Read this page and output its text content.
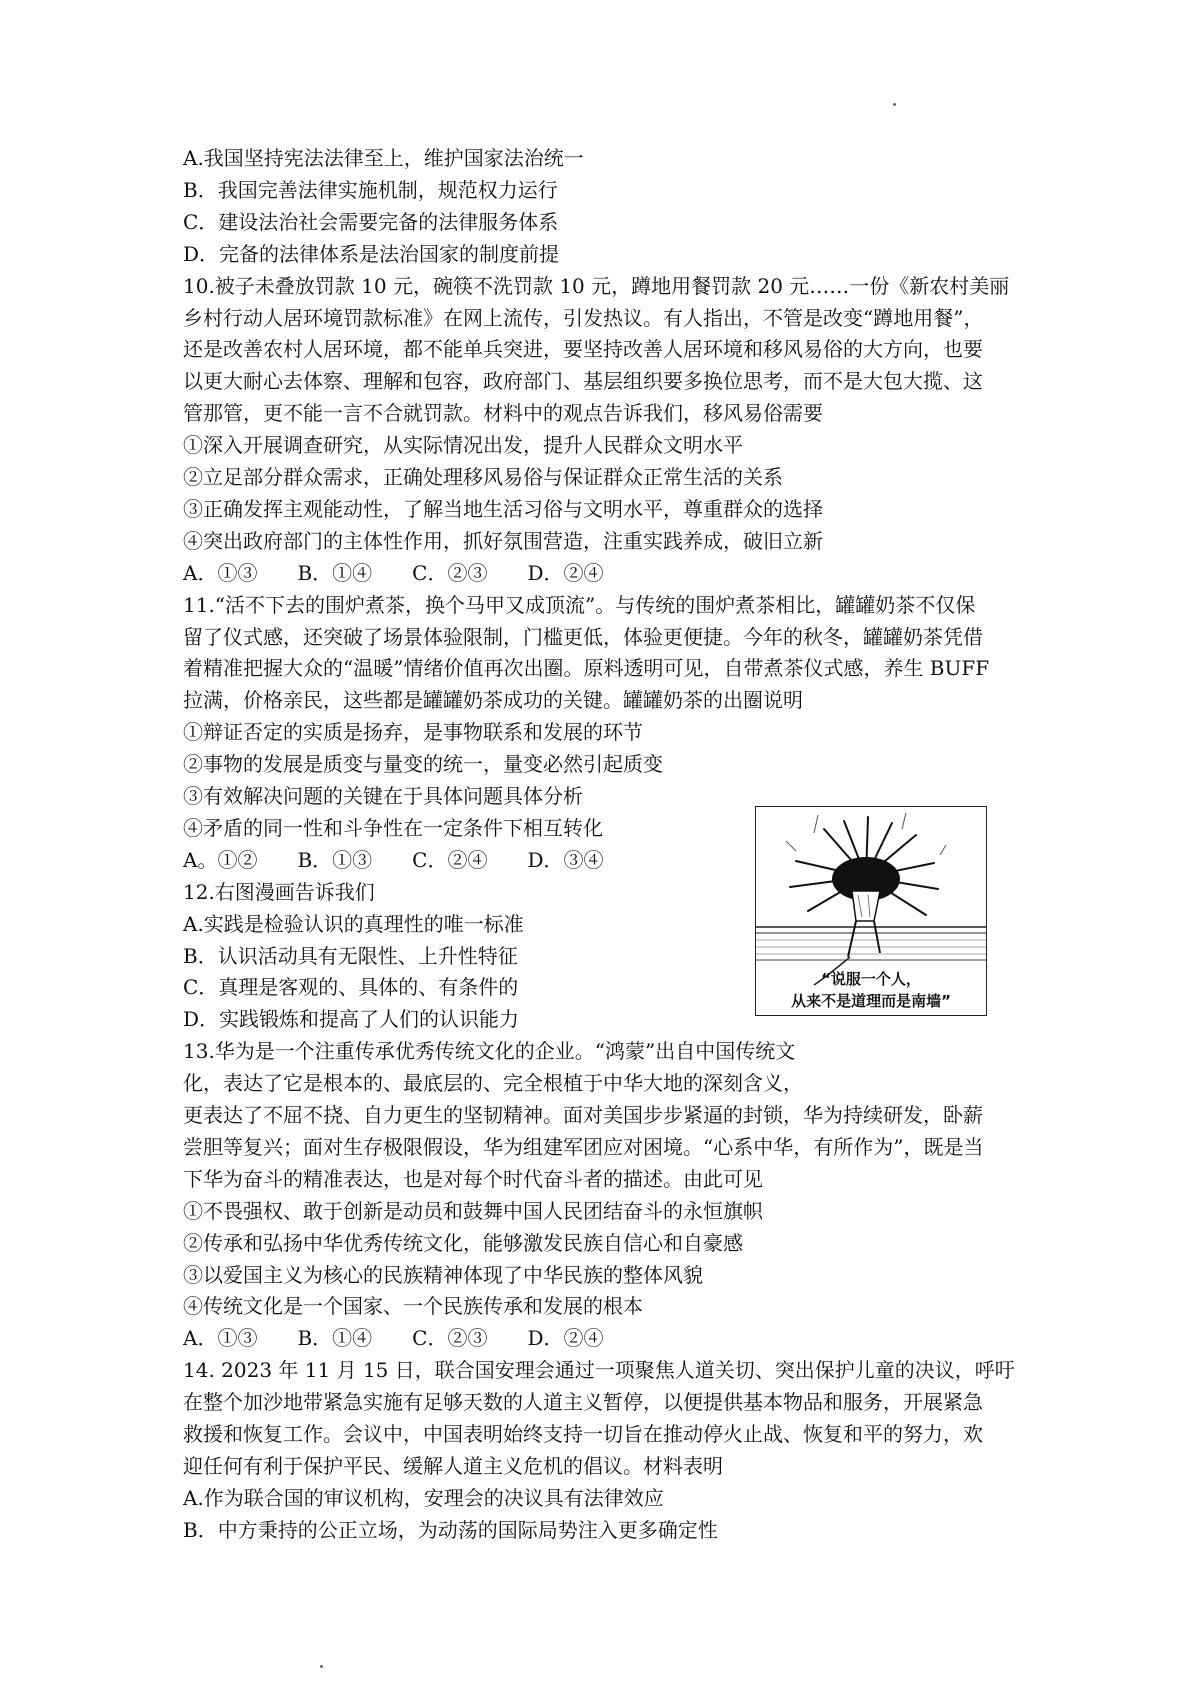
“说服一个人，
从来不是道理而是南墙”
A.我国坚持宪法法律至上，维护国家法治统一
B．我国完善法律实施机制，规范权力运行
C．建设法治社会需要完备的法律服务体系
D．完备的法律体系是法治国家的制度前提
10.被子未叠放罚款 10 元，碗筷不洗罚款 10 元，蹲地用餐罚款 20 元……一份《新农村美丽
乡村行动人居环境罚款标准》在网上流传，引发热议。有人指出，不管是改变“蹲地用餐”，
还是改善农村人居环境，都不能单兵突进，要坚持改善人居环境和移风易俗的大方向，也要
以更大耐心去体察、理解和包容，政府部门、基层组织要多换位思考，而不是大包大揽、这
管那管，更不能一言不合就罚款。材料中的观点告诉我们，移风易俗需要
①深入开展调查研究，从实际情况出发，提升人民群众文明水平
②立足部分群众需求，正确处理移风易俗与保证群众正常生活的关系
③正确发挥主观能动性，了解当地生活习俗与文明水平，尊重群众的选择
④突出政府部门的主体性作用，抓好氛围营造，注重实践养成，破旧立新
A．①③　　B．①④　　C．②③　　D．②④
11.“活不下去的围炉煮茶，换个马甲又成顶流”。与传统的围炉煮茶相比，罐罐奶茶不仅保
留了仪式感，还突破了场景体验限制，门槛更低，体验更便捷。今年的秋冬，罐罐奶茶凭借
着精准把握大众的“温暖”情绪价值再次出圈。原料透明可见，自带煮茶仪式感，养生 BUFF
拉满，价格亲民，这些都是罐罐奶茶成功的关键。罐罐奶茶的出圈说明
①辩证否定的实质是扬弃，是事物联系和发展的环节
②事物的发展是质变与量变的统一，量变必然引起质变
③有效解决问题的关键在于具体问题具体分析
④矛盾的同一性和斗争性在一定条件下相互转化
A。①②　　B．①③　　C．②④　　D．③④
12.右图漫画告诉我们
A.实践是检验认识的真理性的唯一标准
B．认识活动具有无限性、上升性特征
C．真理是客观的、具体的、有条件的
D．实践锻炼和提高了人们的认识能力
13.华为是一个注重传承优秀传统文化的企业。“鸿蒙”出自中国传统文
化，表达了它是根本的、最底层的、完全根植于中华大地的深刻含义，
更表达了不屈不挠、自力更生的坚韧精神。面对美国步步紧逼的封锁，华为持续研发，卧薪
尝胆等复兴；面对生存极限假设，华为组建军团应对困境。“心系中华，有所作为”，既是当
下华为奋斗的精准表达，也是对每个时代奋斗者的描述。由此可见
①不畏强权、敢于创新是动员和鼓舞中国人民团结奋斗的永恒旗帜
②传承和弘扬中华优秀传统文化，能够激发民族自信心和自豪感
③以爱国主义为核心的民族精神体现了中华民族的整体风貌
④传统文化是一个国家、一个民族传承和发展的根本
A．①③　　B．①④　　C．②③　　D．②④
14. 2023 年 11 月 15 日，联合国安理会通过一项聚焦人道关切、突出保护儿童的决议，呼吁
在整个加沙地带紧急实施有足够天数的人道主义暂停，以便提供基本物品和服务，开展紧急
救援和恢复工作。会议中，中国表明始终支持一切旨在推动停火止战、恢复和平的努力，欢
迎任何有利于保护平民、缓解人道主义危机的倡议。材料表明
A.作为联合国的审议机构，安理会的决议具有法律效应
B．中方秉持的公正立场，为动荡的国际局势注入更多确定性
